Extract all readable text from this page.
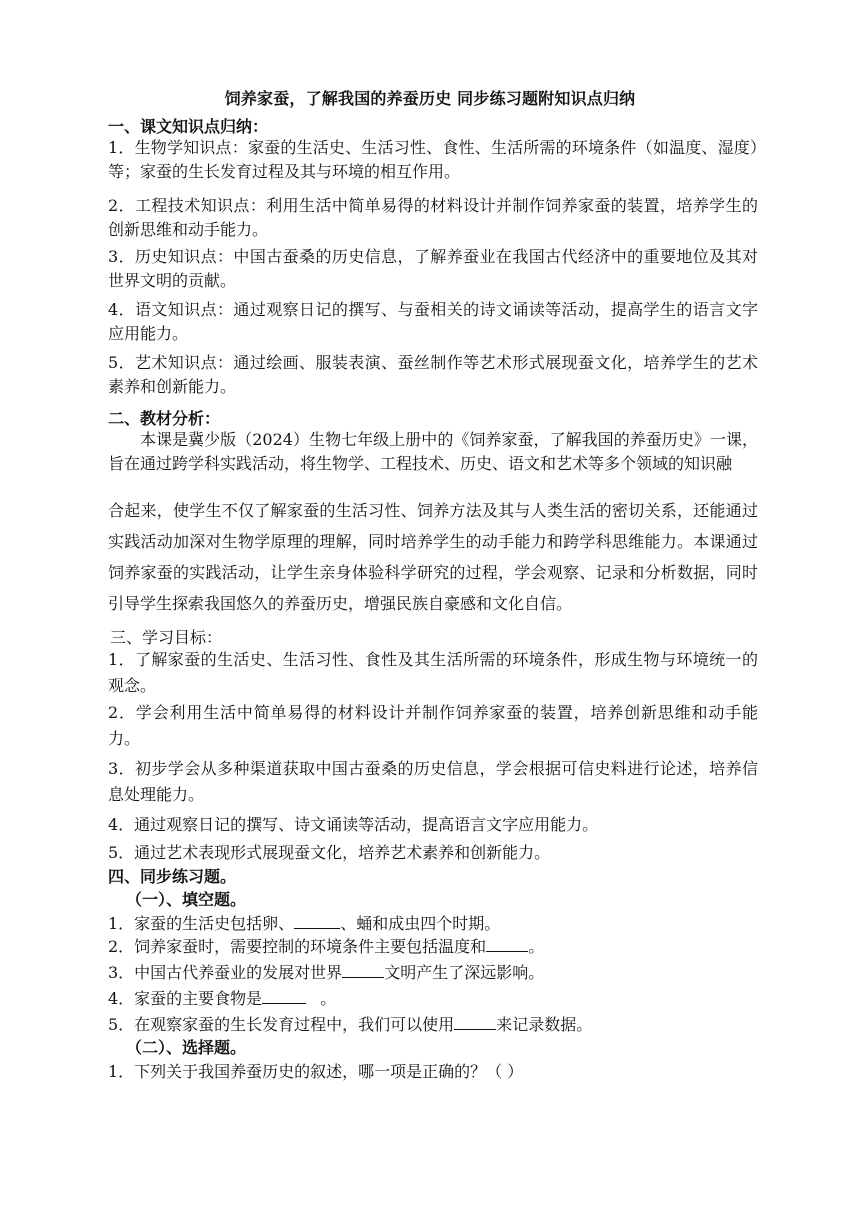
饲养家蚕，了解我国的养蚕历史 同步练习题附知识点归纳
一、课文知识点归纳：
1．生物学知识点：家蚕的生活史、生活习性、食性、生活所需的环境条件（如温度、湿度）等；家蚕的生长发育过程及其与环境的相互作用。
2．工程技术知识点：利用生活中简单易得的材料设计并制作饲养家蚕的装置，培养学生的创新思维和动手能力。
3．历史知识点：中国古蚕桑的历史信息，了解养蚕业在我国古代经济中的重要地位及其对世界文明的贡献。
4．语文知识点：通过观察日记的撰写、与蚕相关的诗文诵读等活动，提高学生的语言文字应用能力。
5．艺术知识点：通过绘画、服装表演、蚕丝制作等艺术形式展现蚕文化，培养学生的艺术素养和创新能力。
二、教材分析：
本课是冀少版（2024）生物七年级上册中的《饲养家蚕，了解我国的养蚕历史》一课，旨在通过跨学科实践活动，将生物学、工程技术、历史、语文和艺术等多个领域的知识融
合起来，使学生不仅了解家蚕的生活习性、饲养方法及其与人类生活的密切关系，还能通过实践活动加深对生物学原理的理解，同时培养学生的动手能力和跨学科思维能力。本课通过饲养家蚕的实践活动，让学生亲身体验科学研究的过程，学会观察、记录和分析数据，同时引导学生探索我国悠久的养蚕历史，增强民族自豪感和文化自信。
三、学习目标：
1．了解家蚕的生活史、生活习性、食性及其生活所需的环境条件，形成生物与环境统一的观念。
2．学会利用生活中简单易得的材料设计并制作饲养家蚕的装置，培养创新思维和动手能力。
3．初步学会从多种渠道获取中国古蚕桑的历史信息，学会根据可信史料进行论述，培养信息处理能力。
4．通过观察日记的撰写、诗文诵读等活动，提高语言文字应用能力。
5．通过艺术表现形式展现蚕文化，培养艺术素养和创新能力。
四、同步练习题。
（一）、填空题。
1．家蚕的生活史包括卵、	、蛹和成虫四个时期。
2．饲养家蚕时，需要控制的环境条件主要包括温度和	。
3．中国古代养蚕业的发展对世界	文明产生了深远影响。
4．家蚕的主要食物是	。
5．在观察家蚕的生长发育过程中，我们可以使用	来记录数据。
（二）、选择题。
1．下列关于我国养蚕历史的叙述，哪一项是正确的？（ ）
